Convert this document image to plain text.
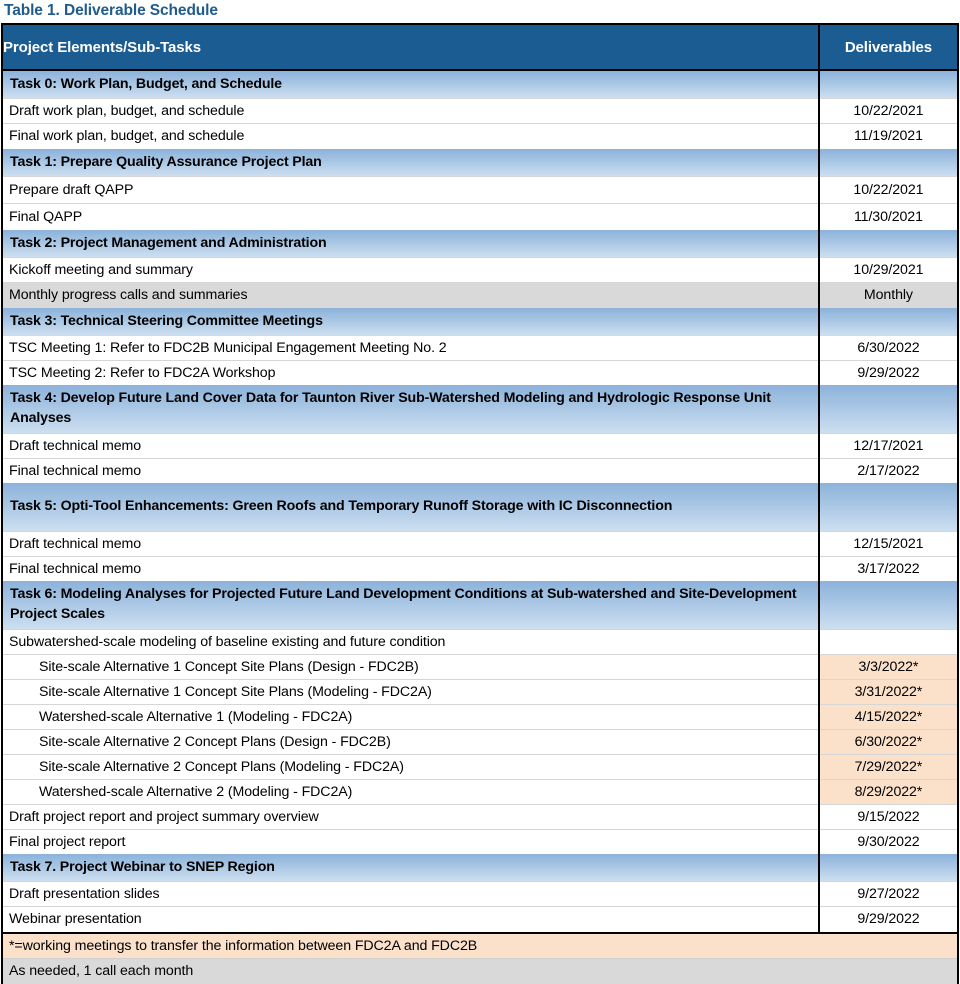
Table 1. Deliverable Schedule
Project Elements/Sub-Tasks	Deliverables
Task 0: Work Plan, Budget, and Schedule	
Draft work plan, budget, and schedule	10/22/2021
Final work plan, budget, and schedule	11/19/2021
Task 1: Prepare Quality Assurance Project Plan	
Prepare draft QAPP	10/22/2021
Final QAPP	11/30/2021
Task 2: Project Management and Administration	
Kickoff meeting and summary	10/29/2021
Monthly progress calls and summaries	Monthly
Task 3: Technical Steering Committee Meetings	
TSC Meeting 1: Refer to FDC2B Municipal Engagement Meeting No. 2	6/30/2022
TSC Meeting 2: Refer to FDC2A Workshop	9/29/2022
Task 4: Develop Future Land Cover Data for Taunton River Sub-Watershed Modeling and Hydrologic Response Unit Analyses	
Draft technical memo	12/17/2021
Final technical memo	2/17/2022
Task 5: Opti-Tool Enhancements: Green Roofs and Temporary Runoff Storage with IC Disconnection	
Draft technical memo	12/15/2021
Final technical memo	3/17/2022
Task 6: Modeling Analyses for Projected Future Land Development Conditions at Sub-watershed and Site-Development Project Scales	
Subwatershed-scale modeling of baseline existing and future condition	
Site-scale Alternative 1 Concept Site Plans (Design - FDC2B)	3/3/2022*
Site-scale Alternative 1 Concept Site Plans (Modeling - FDC2A)	3/31/2022*
Watershed-scale Alternative 1 (Modeling - FDC2A)	4/15/2022*
Site-scale Alternative 2 Concept Plans (Design - FDC2B)	6/30/2022*
Site-scale Alternative 2 Concept Plans (Modeling - FDC2A)	7/29/2022*
Watershed-scale Alternative 2 (Modeling - FDC2A)	8/29/2022*
Draft project report and project summary overview	9/15/2022
Final project report	9/30/2022
Task 7. Project Webinar to SNEP Region	
Draft presentation slides	9/27/2022
Webinar presentation	9/29/2022
*=working meetings to transfer the information between FDC2A and FDC2B
As needed, 1 call each month
